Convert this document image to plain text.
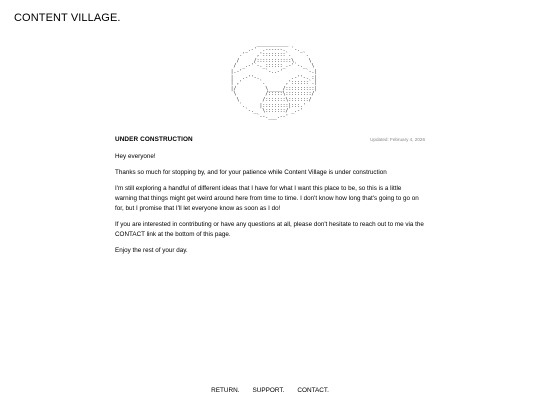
CONTENT VILLAGE.
___________
_.-'  .------.  `-._
.'    ,'::::::::`.    `.
/     /::::::::::::\     \
/  _.-'`-._::::::_.-'`-._  \
|.-'        `-..-'        `-.|
|   .-''-.           .-''-. :|
| ,'      `.       ,'::::::`.|
|/          \_____/::::::::::|
\          /:::::\:::::::::/
\        /:::::::\:::::::/
`.     |:::::::::|:::.'
`-._  \:::::::/ _.-'
`--.___.--'

UNDER CONSTRUCTION	Updated: February 4, 2026

Hey everyone!

Thanks so much for stopping by, and for your patience while Content Village is under construction

I'm still exploring a handful of different ideas that I have for what I want this place to be, so this is a little warning that things might get weird around here from time to time. I don't know how long that's going to go on for, but I promise that I'll let everyone know as soon as I do!

If you are interested in contributing or have any questions at all, please don't hesitate to reach out to me via the CONTACT link at the bottom of this page.

Enjoy the rest of your day.

RETURN. SUPPORT. CONTACT.
